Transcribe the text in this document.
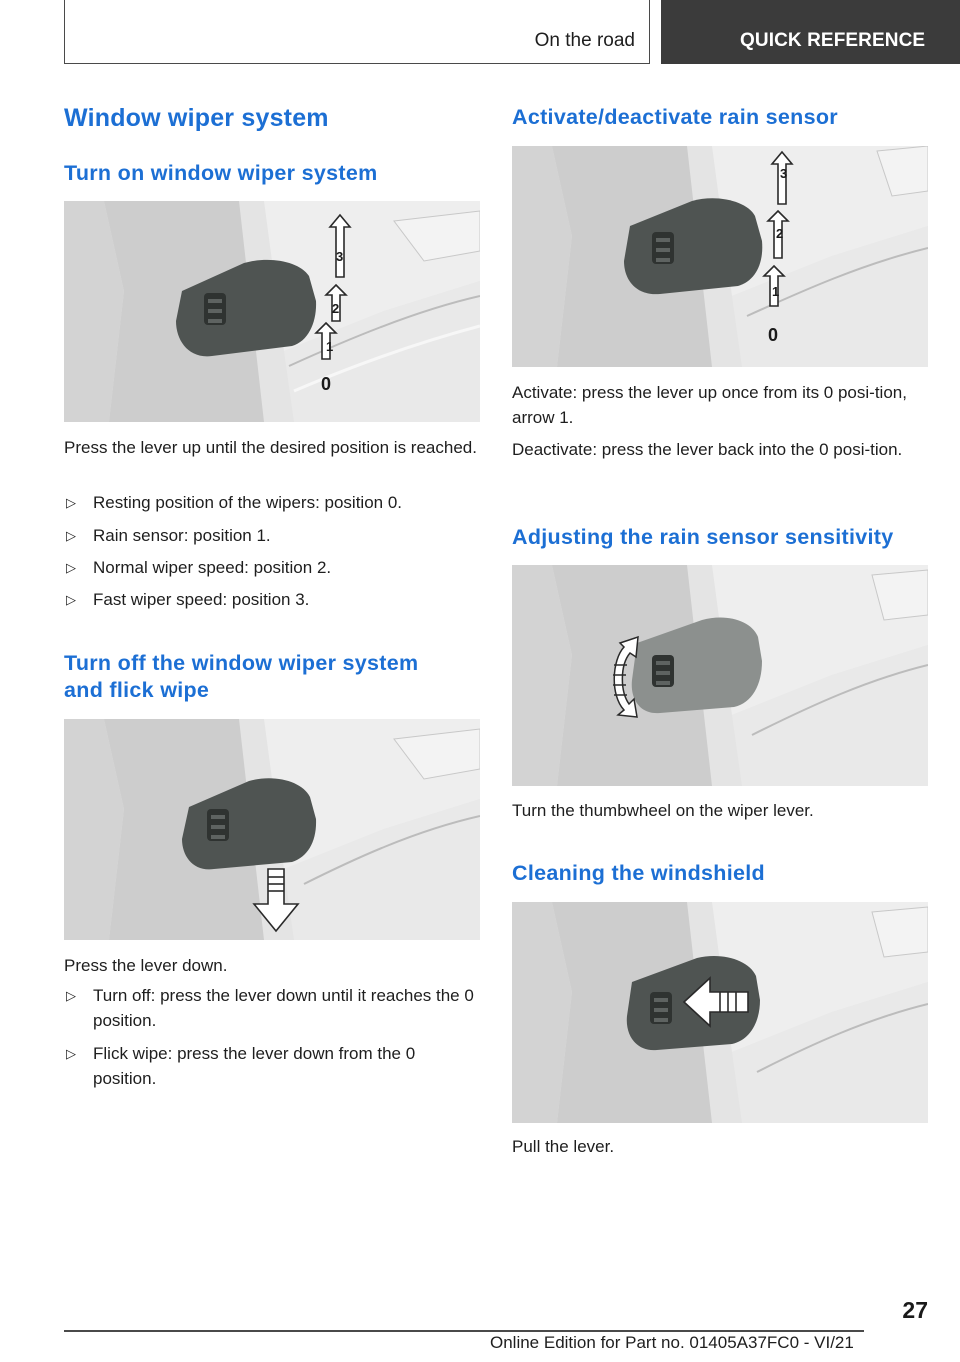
On the road	QUICK REFERENCE
Window wiper system
Turn on window wiper system
0
1
2
3
Press the lever up until the desired position is reached.
▷ Resting position of the wipers: position 0.
▷ Rain sensor: position 1.
▷ Normal wiper speed: position 2.
▷ Fast wiper speed: position 3.
Turn off the window wiper system
and flick wipe
Press the lever down.
▷ Turn off: press the lever down until it reaches the 0 position.
▷ Flick wipe: press the lever down from the 0 position.
Activate/deactivate rain sensor
0
1
2
3
Activate: press the lever up once from its 0 posi‐tion, arrow 1.
Deactivate: press the lever back into the 0 posi‐tion.
Adjusting the rain sensor sensitivity
Turn the thumbwheel on the wiper lever.
Cleaning the windshield
Pull the lever.
27
Online Edition for Part no. 01405A37FC0 - VI/21
